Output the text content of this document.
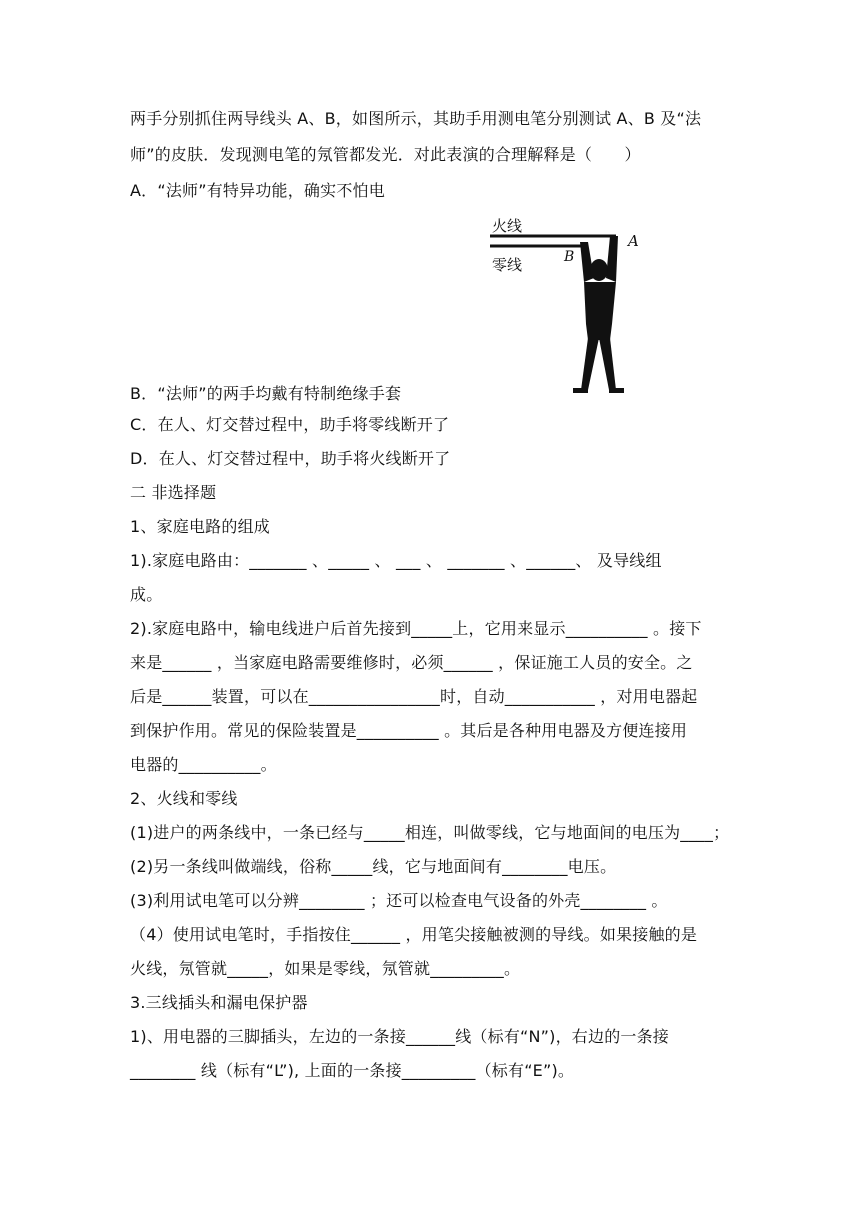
两手分别抓住两导线头 A、B，如图所示，其助手用测电笔分别测试 A、B 及“法
师”的皮肤．发现测电笔的氖管都发光．对此表演的合理解释是（　　）
A．“法师”有特异功能，确实不怕电
火线
零线
A
B
B．“法师”的两手均戴有特制绝缘手套
C．在人、灯交替过程中，助手将零线断开了
D．在人、灯交替过程中，助手将火线断开了
二 非选择题
1、家庭电路的组成
1).家庭电路由：_______ 、_____ 、 ___ 、 _______ 、______、 及导线组
成。
2).家庭电路中，输电线进户后首先接到_____上，它用来显示__________ 。接下
来是______ ，当家庭电路需要维修时，必须______ ，保证施工人员的安全。之
后是______装置，可以在________________时，自动___________ ，对用电器起
到保护作用。常见的保险装置是__________ 。其后是各种用电器及方便连接用
电器的__________。
2、火线和零线
(1)进户的两条线中，一条已经与_____相连，叫做零线，它与地面间的电压为____；
(2)另一条线叫做端线，俗称_____线，它与地面间有________电压。
(3)利用试电笔可以分辨________ ；还可以检查电气设备的外壳________ 。
（4）使用试电笔时，手指按住______ ，用笔尖接触被测的导线。如果接触的是
火线，氖管就_____，如果是零线，氖管就_________。
3.三线插头和漏电保护器
1)、用电器的三脚插头，左边的一条接______线（标有“N”)，右边的一条接
________ 线（标有“L”), 上面的一条接_________（标有“E”)。
